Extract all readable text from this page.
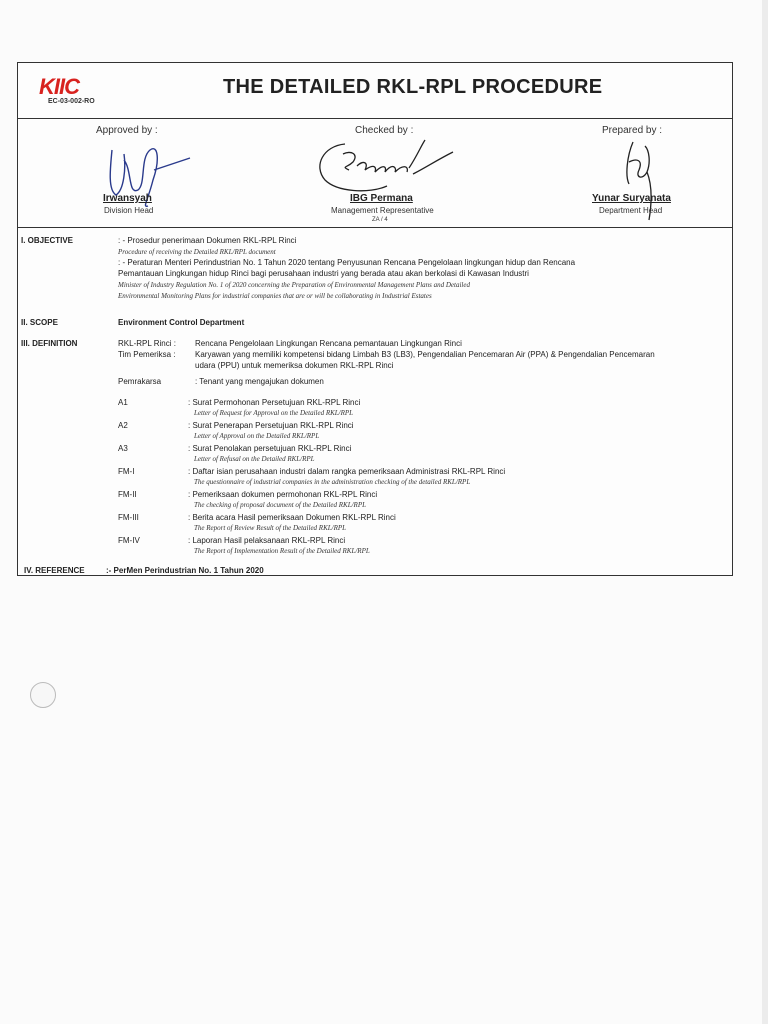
KIIC
EC-03-002-RO
THE DETAILED RKL-RPL PROCEDURE
Approved by :
Irwansyah
Division Head
Checked by :
IBG Permana
Management Representative
ZA / 4
Prepared by :
Yunar Suryanata
Department Head
I. OBJECTIVE	: - Prosedur penerimaan Dokumen RKL-RPL Rinci
Procedure of receiving the Detailed RKL/RPL document
: - Peraturan Menteri Perindustrian No. 1 Tahun 2020 tentang Penyusunan Rencana Pengelolaan lingkungan hidup dan Rencana
Pemantauan Lingkungan hidup Rinci bagi perusahaan industri yang berada atau akan berkolasi di Kawasan Industri
Minister of Industry Regulation No. 1 of 2020 concerning the Preparation of Environmental Management Plans and Detailed
Environmental Monitoring Plans for industrial companies that are or will be collaborating in Industrial Estates
II. SCOPE	Environment Control Department
III. DEFINITION	RKL-RPL Rinci : Rencana Pengelolaan Lingkungan Rencana pemantauan Lingkungan Rinci
Tim Pemeriksa : Karyawan yang memiliki kompetensi bidang Limbah B3 (LB3), Pengendalian Pencemaran Air (PPA) & Pengendalian Pencemaran
udara (PPU) untuk memeriksa dokumen RKL-RPL Rinci
Pemrakarsa	: Tenant yang mengajukan dokumen
A1	: Surat Permohonan Persetujuan RKL-RPL Rinci
Letter of Request for Approval on the Detailed RKL/RPL
A2	: Surat Penerapan Persetujuan RKL-RPL Rinci
Letter of Approval on the Detailed RKL/RPL
A3	: Surat Penolakan persetujuan RKL-RPL Rinci
Letter of Refusal on the Detailed RKL/RPL
FM-I	: Daftar isian perusahaan industri dalam rangka pemeriksaan Administrasi RKL-RPL Rinci
The questionnaire of industrial companies in the administration checking of the detailed RKL/RPL
FM-II	: Pemeriksaan dokumen permohonan RKL-RPL Rinci
The checking of proposal document of the Detailed RKL/RPL
FM-III	: Berita acara Hasil pemeriksaan Dokumen RKL-RPL Rinci
The Report of Review Result of the Detailed RKL/RPL
FM-IV	: Laporan Hasil pelaksanaan RKL-RPL Rinci
The Report of Implementation Result of the Detailed RKL/RPL
IV. REFERENCE	:- PerMen Perindustrian No. 1 Tahun 2020
